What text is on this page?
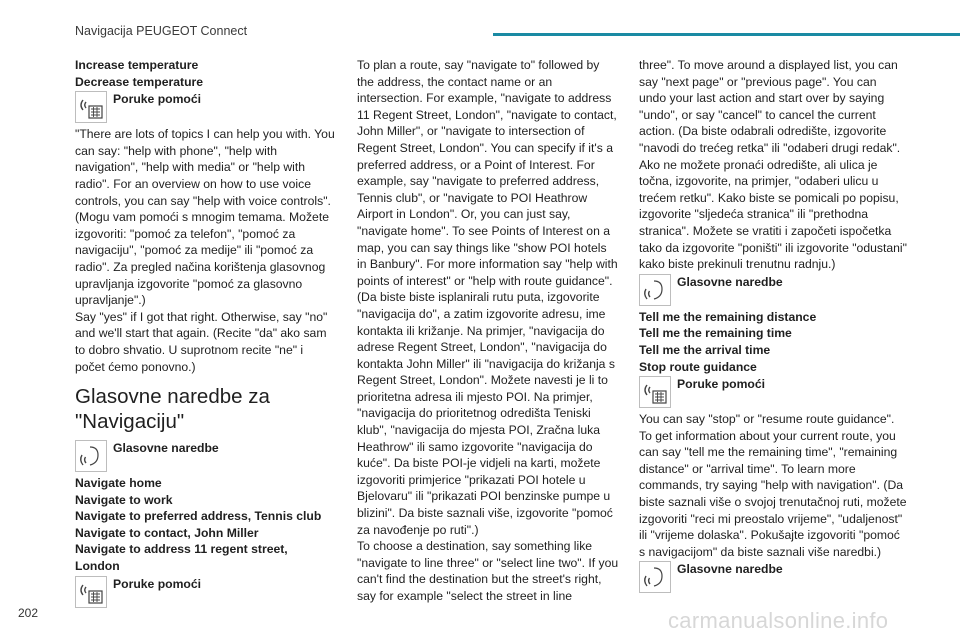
Navigacija PEUGEOT Connect

Increase temperature

Decrease temperature

Poruke pomoći

"There are lots of topics I can help you with. You can say: "help with phone", "help with navigation", "help with media" or "help with radio". For an overview on how to use voice controls, you can say "help with voice controls". (Mogu vam pomoći s mnogim temama. Možete izgovoriti: "pomoć za telefon", "pomoć za navigaciju", "pomoć za medije" ili "pomoć za radio". Za pregled načina korištenja glasovnog upravljanja izgovorite "pomoć za glasovno upravljanje".)

Say "yes" if I got that right. Otherwise, say "no" and we'll start that again. (Recite "da" ako sam to dobro shvatio. U suprotnom recite "ne" i počet ćemo ponovno.)

Glasovne naredbe za "Navigaciju"
Glasovne naredbe

Navigate home

Navigate to work

Navigate to preferred address, Tennis club

Navigate to contact, John Miller

Navigate to address 11 regent street, London

Poruke pomoći

To plan a route, say "navigate to" followed by the address, the contact name or an intersection. For example, "navigate to address 11 Regent Street, London", "navigate to contact, John Miller", or "navigate to intersection of Regent Street, London". You can specify if it's a preferred address, or a Point of Interest. For example, say "navigate to preferred address, Tennis club", or "navigate to POI Heathrow Airport in London". Or, you can just say, "navigate home". To see Points of Interest on a map, you can say things like "show POI hotels in Banbury". For more information say "help with points of interest" or "help with route guidance". (Da biste biste isplanirali rutu puta, izgovorite "navigacija do", a zatim izgovorite adresu, ime kontakta ili križanje. Na primjer, "navigacija do adrese Regent Street, London", "navigacija do kontakta John Miller" ili "navigacija do križanja s Regent Street, London". Možete navesti je li to prioritetna adresa ili mjesto POI. Na primjer, "navigacija do prioritetnog odredišta Teniski klub", "navigacija do mjesta POI, Zračna luka Heathrow" ili samo izgovorite "navigacija do kuće". Da biste POI-je vidjeli na karti, možete izgovoriti primjerice "prikazati POI hotele u Bjelovaru" ili "prikazati POI benzinske pumpe u blizini". Da biste saznali više, izgovorite "pomoć za navođenje po ruti".)

To choose a destination, say something like "navigate to line three" or "select line two". If you can't find the destination but the street's right, say for example "select the street in line

three". To move around a displayed list, you can say "next page" or "previous page". You can undo your last action and start over by saying "undo", or say "cancel" to cancel the current action. (Da biste odabrali odredište, izgovorite "navodi do trećeg retka" ili "odaberi drugi redak". Ako ne možete pronaći odredište, ali ulica je točna, izgovorite, na primjer, "odaberi ulicu u trećem retku". Kako biste se pomicali po popisu, izgovorite "sljedeća stranica" ili "prethodna stranica". Možete se vratiti i započeti ispočetka tako da izgovorite "poništi" ili izgovorite "odustani" kako biste prekinuli trenutnu radnju.)

Glasovne naredbe

Tell me the remaining distance

Tell me the remaining time

Tell me the arrival time

Stop route guidance

Poruke pomoći

You can say "stop" or "resume route guidance". To get information about your current route, you can say "tell me the remaining time", "remaining distance" or "arrival time". To learn more commands, try saying "help with navigation". (Da biste saznali više o svojoj trenutačnoj ruti, možete izgovoriti "reci mi preostalo vrijeme", "udaljenost" ili "vrijeme dolaska". Pokušajte izgovoriti "pomoć s navigacijom" da biste saznali više naredbi.)

Glasovne naredbe
202	carmanualsonline.info
